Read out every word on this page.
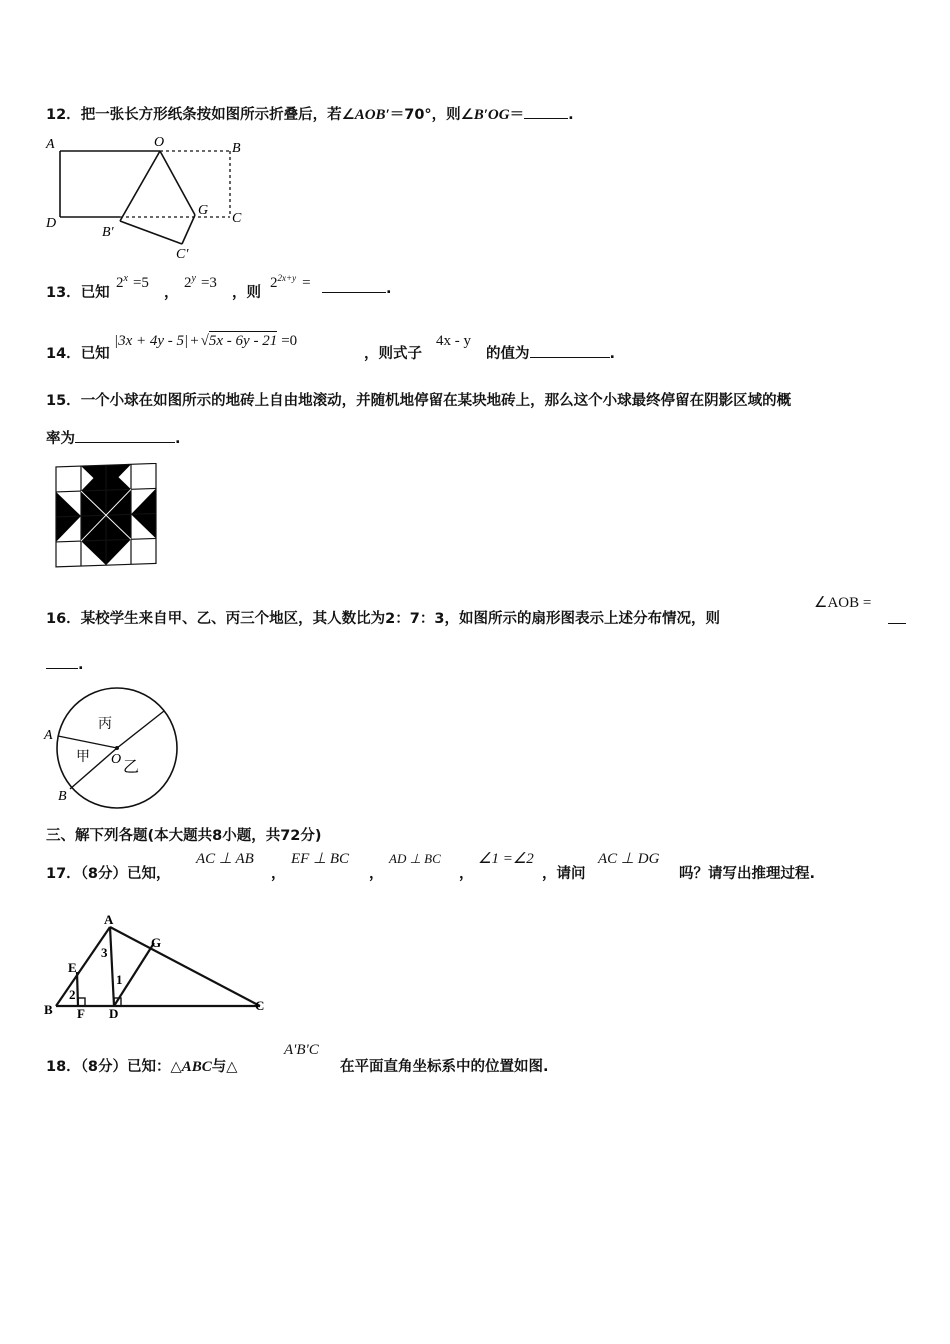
12．把一张长方形纸条按如图所示折叠后，若∠AOB′＝70°，则∠B′OG＝	.
A	O	B
D
G
C
B′
C′
13．已知
$2^x =5$
，
$2^y =3$
，则
$2^{2x+y}$ =	.
14．已知
|3x + 4y - 5| + √5x - 6y - 21 =0
，则式子
4x - y
的值为	.
15．一个小球在如图所示的地砖上自由地滚动，并随机地停留在某块地砖上，那么这个小球最终停留在阴影区域的概
率为	.
16．某校学生来自甲、乙、丙三个地区，其人数比为2：7：3，如图所示的扇形图表示上述分布情况，则
∠AOB =
.
A
B
O
丙
甲 乙
三、解下列各题(本大题共8小题，共72分)
17．（8分）已知，
AC ⊥ AB
，
EF ⊥ BC
，
AD ⊥ BC
，
∠1 =∠2
，请问
AC ⊥ DG
吗？请写出推理过程.
A
B	C
D
E
F
G
1
2
3
18．（8分）已知：△ABC与△
A'B'C
在平面直角坐标系中的位置如图.
